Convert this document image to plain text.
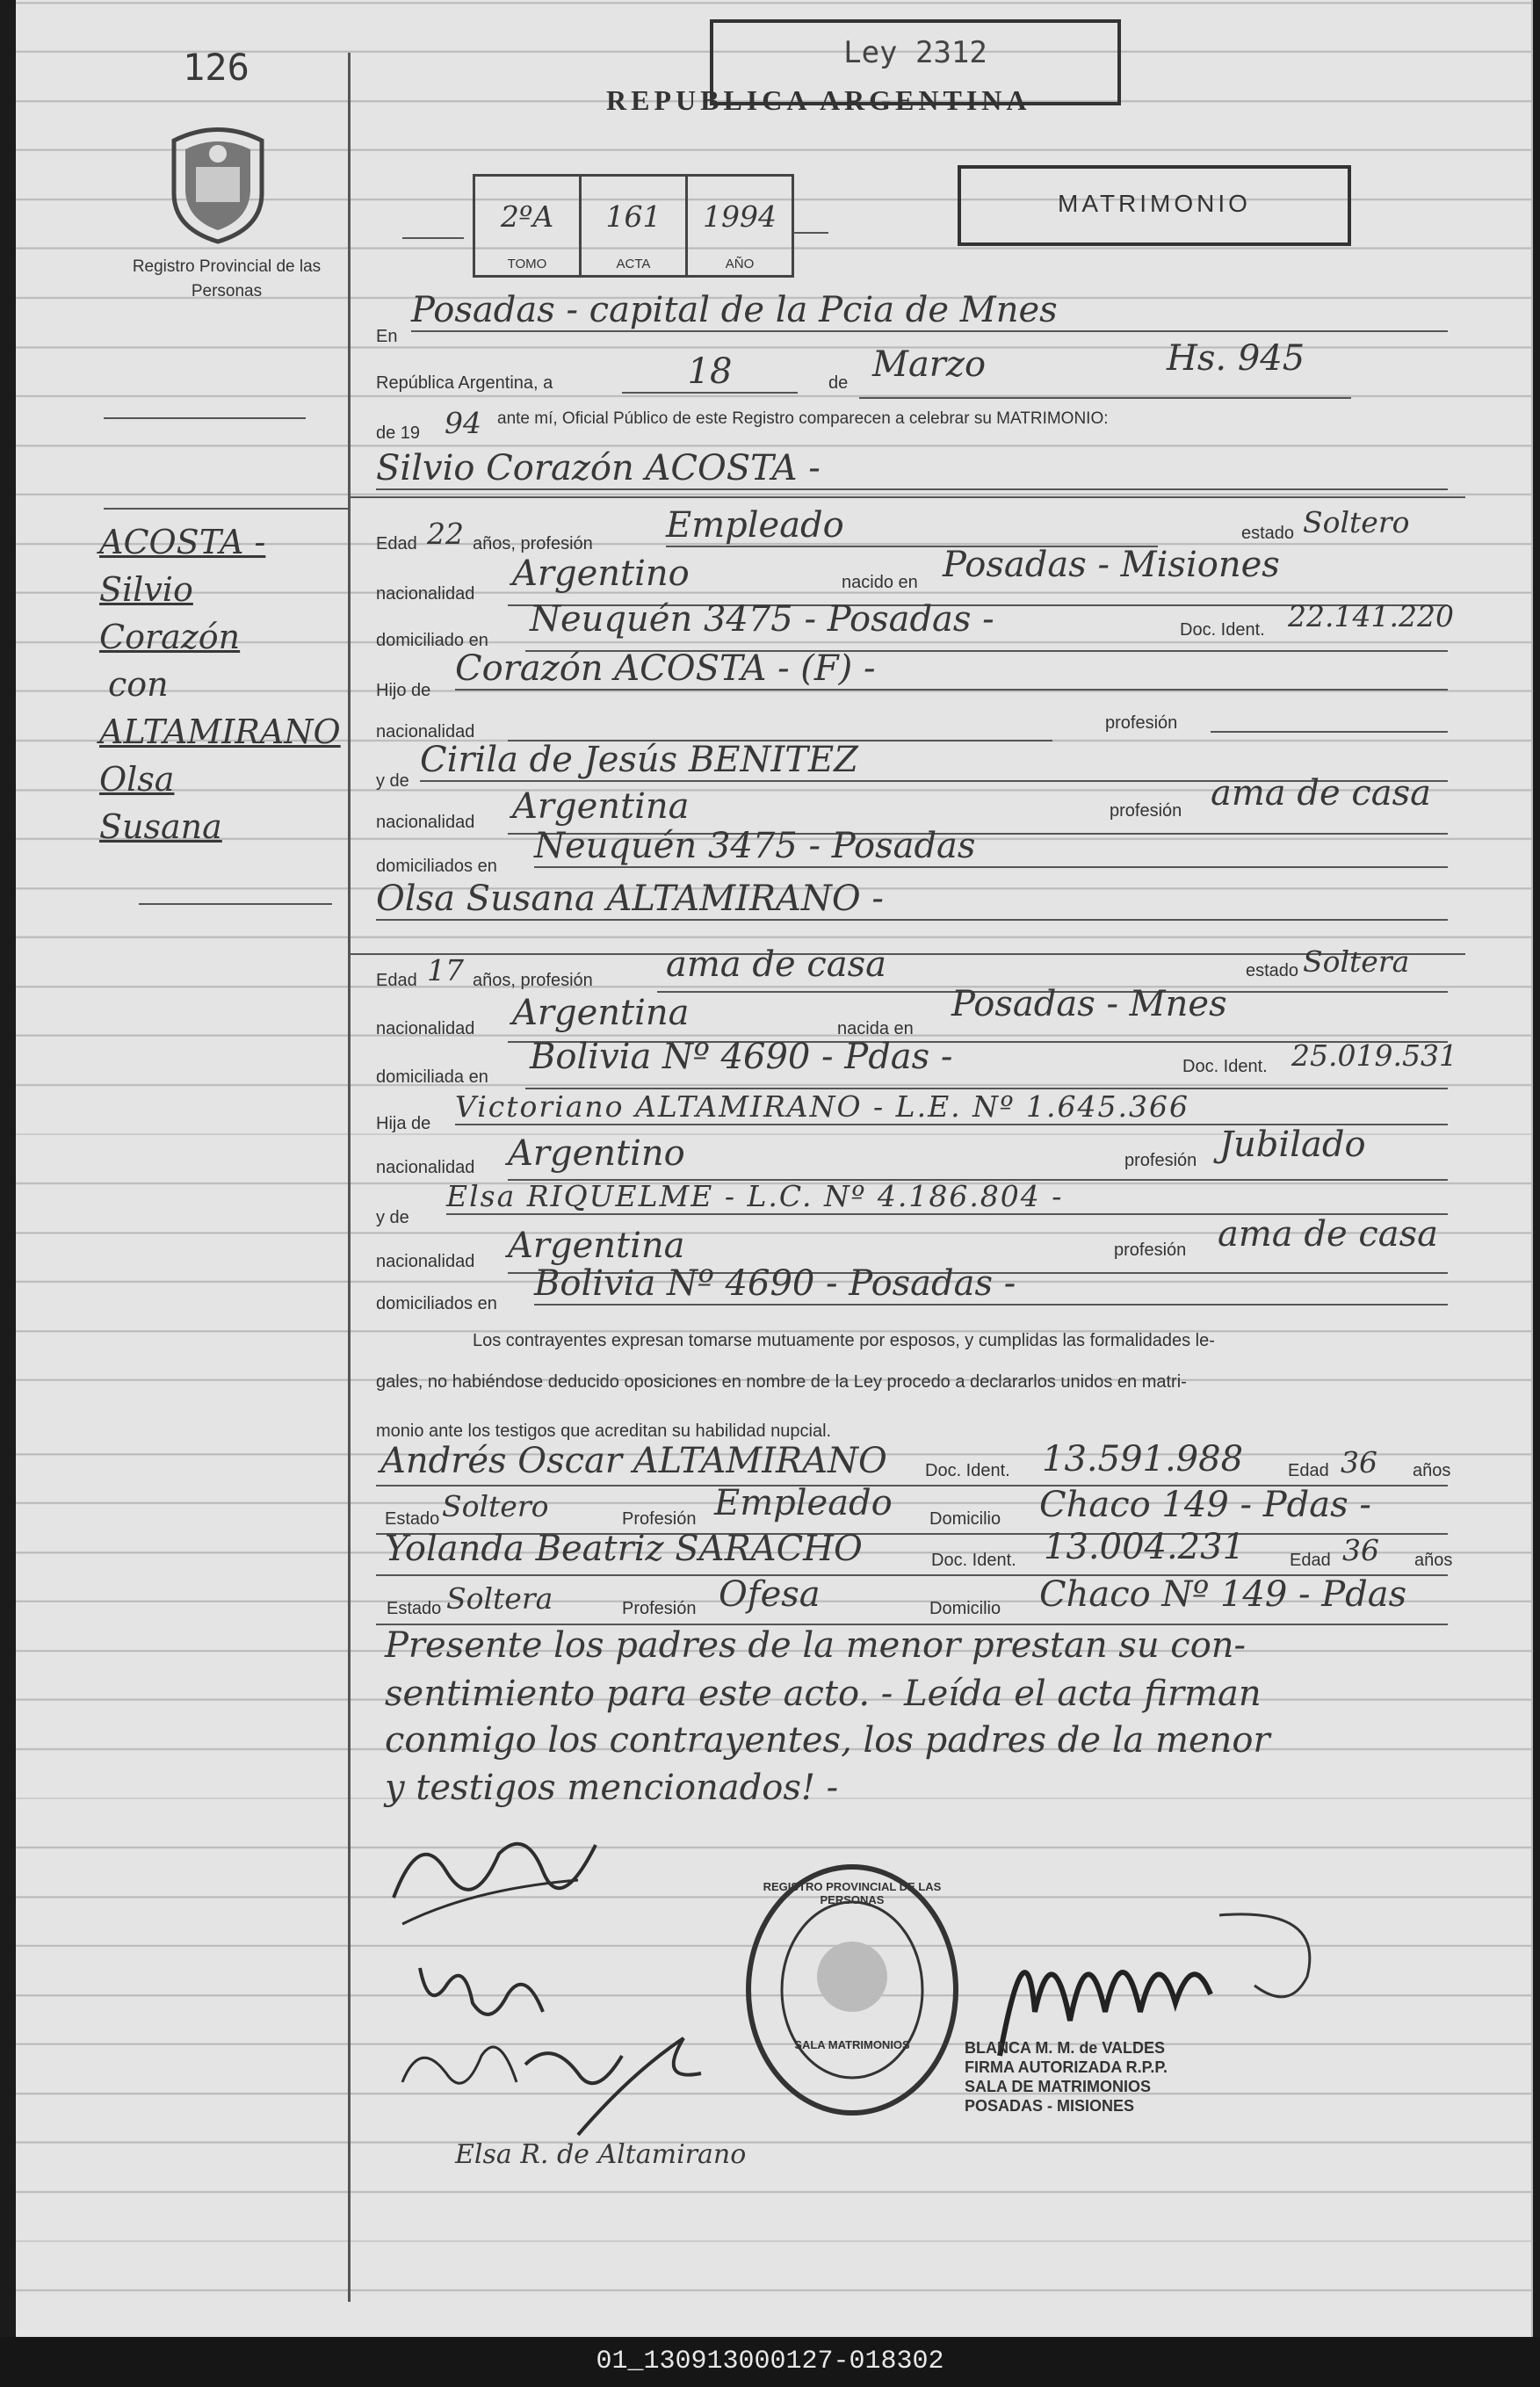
126	Ley 2312
REPUBLICA ARGENTINA
Registro Provincial de las Personas
2ºA
TOMO
161
ACTA
1994
AÑO
MATRIMONIO
ACOSTA -
Silvio
Corazón
con
ALTAMIRANO
Olsa
Susana
En
Posadas - capital de la Pcia de Mnes
República Argentina, a	18	de Marzo	Hs. 945
de 19 94 ante mí, Oficial Público de este Registro comparecen a celebrar su MATRIMONIO:
Silvio Corazón ACOSTA -
Edad 22 años, profesión Empleado	estado Soltero
nacionalidad Argentino	nacido en Posadas - Misiones
domiciliado en
Neuquén 3475 - Posadas -	Doc. Ident. 22.141.220
Hijo de
Corazón ACOSTA - (F) -
nacionalidad	profesión
y de
Cirila de Jesús BENITEZ
nacionalidad Argentina	profesión ama de casa
domiciliados en Neuquén 3475 - Posadas
Olsa Susana ALTAMIRANO -
Edad 17 años, profesión ama de casa	estado Soltera
nacionalidad Argentina	nacida en
Posadas - Mnes
domiciliada en Bolivia Nº 4690 - Pdas -	Doc. Ident. 25.019.531
Hija de Victoriano ALTAMIRANO - L.E. Nº 1.645.366
nacionalidad Argentino	profesión Jubilado
y de
Elsa RIQUELME - L.C. Nº 4.186.804 -
nacionalidad Argentina	profesión ama de casa
domiciliados en Bolivia Nº 4690 - Posadas -
Los contrayentes expresan tomarse mutuamente por esposos, y cumplidas las formalidades le-
gales, no habiéndose deducido oposiciones en nombre de la Ley procedo a declararlos unidos en matri-
monio ante los testigos que acreditan su habilidad nupcial.
Andrés Oscar ALTAMIRANO Doc. Ident. 13.591.988	Edad 36 años
Estado Soltero	Profesión Empleado Domicilio Chaco 149 - Pdas -
Yolanda Beatriz SARACHO	Doc. Ident. 13.004.231	Edad 36 años
Estado Soltera	Profesión Ofesa	Domicilio Chaco Nº 149 - Pdas
Presente los padres de la menor prestan su con-
sentimiento para este acto. - Leída el acta firman
conmigo los contrayentes, los padres de la menor
y testigos mencionados! -
Elsa R. de Altamirano
REGISTRO PROVINCIAL DE LAS PERSONAS
SALA MATRIMONIOS	BLANCA M. M. de VALDES
FIRMA AUTORIZADA R.P.P.
SALA DE MATRIMONIOS
POSADAS - MISIONES
01_130913000127-018302
